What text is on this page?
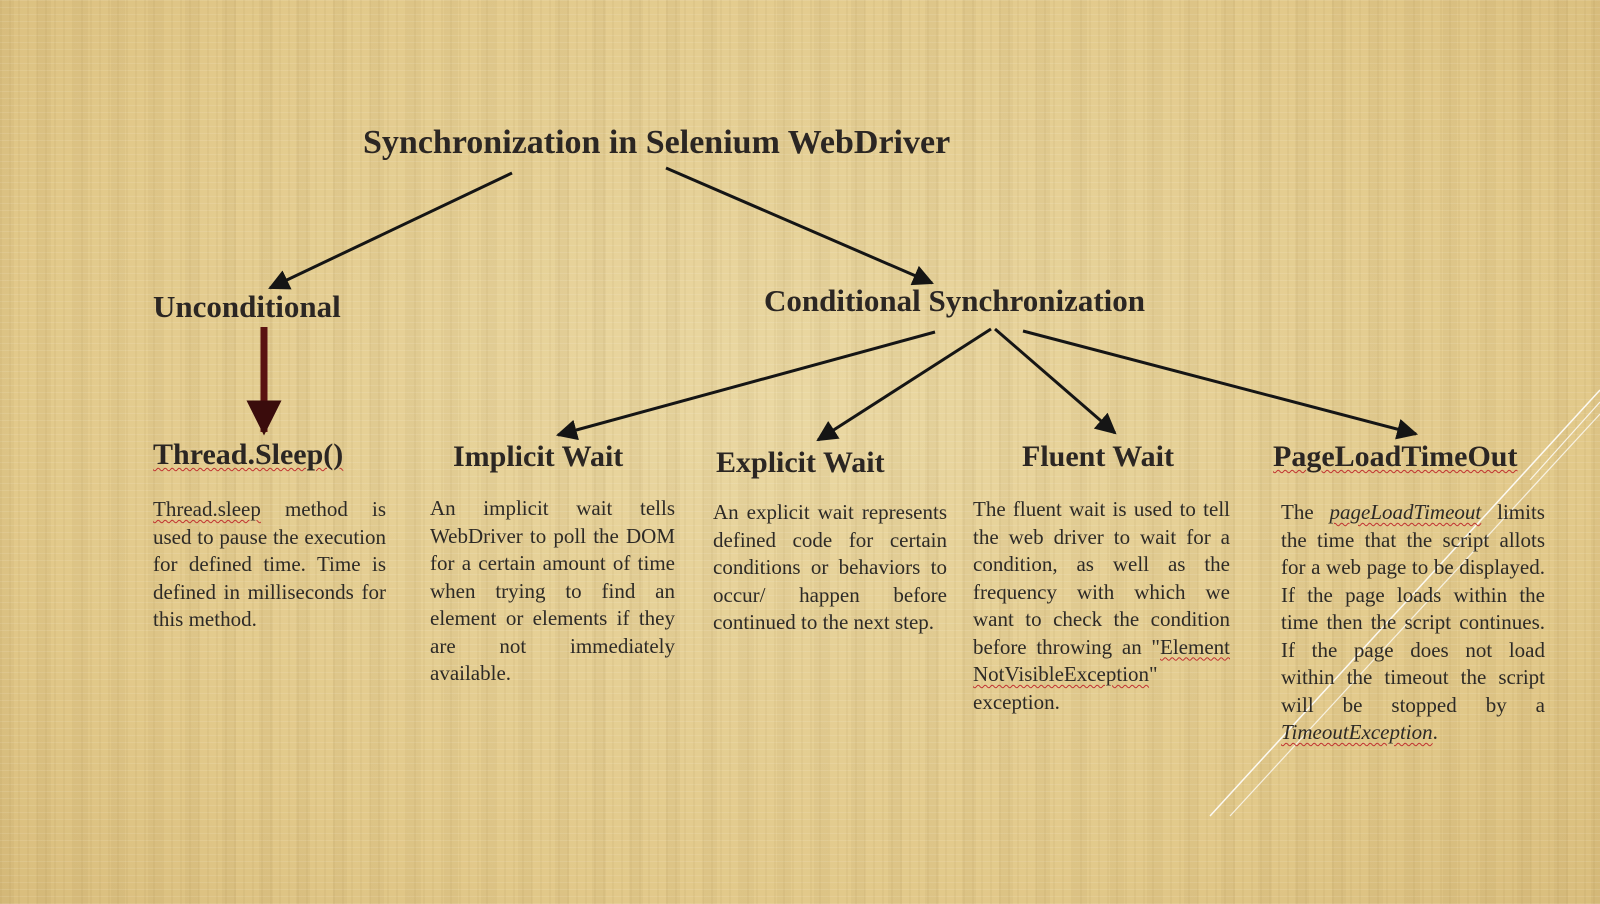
Synchronization in Selenium WebDriver
Unconditional	Conditional Synchronization
Thread.Sleep()	Implicit Wait	Explicit Wait	Fluent Wait	PageLoadTimeOut

Thread.sleep method is used to pause the execution for defined time. Time is defined in milliseconds for this method.

An implicit wait tells WebDriver to poll the DOM for a certain amount of time when trying to find an element or elements if they are not immediately available.

An explicit wait represents defined code for certain conditions or behaviors to occur/ happen before continued to the next step.

The fluent wait is used to tell the web driver to wait for a condition, as well as the frequency with which we want to check the condition before throwing an "ElementNotVisibleException" exception.

The pageLoadTimeout limits the time that the script allots for a web page to be displayed. If the page loads within the time then the script continues. If the page does not load within the timeout the script will be stopped by a TimeoutException.
